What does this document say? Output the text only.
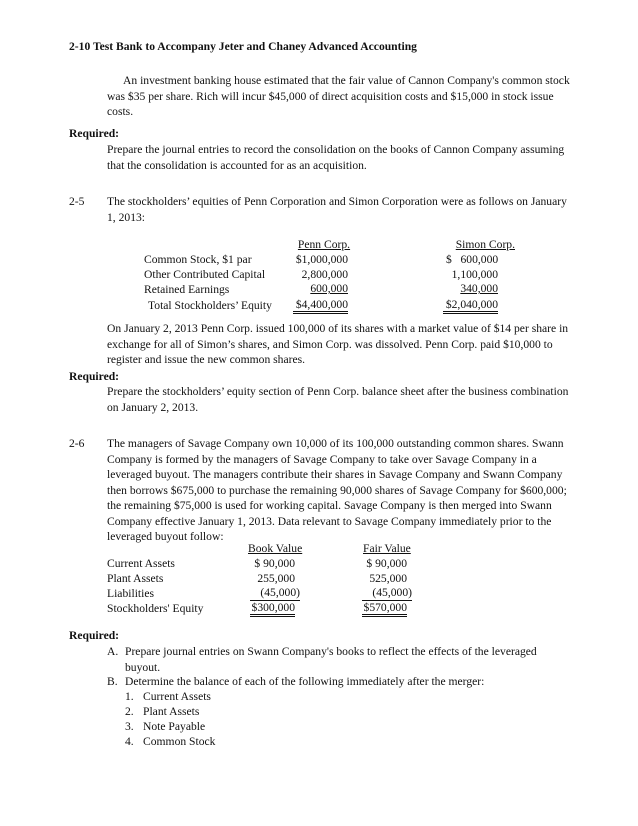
2-10 Test Bank to Accompany Jeter and Chaney Advanced Accounting
An investment banking house estimated that the fair value of Cannon Company's common stock
was $35 per share. Rich will incur $45,000 of direct acquisition costs and $15,000 in stock issue
costs.
Required:
Prepare the journal entries to record the consolidation on the books of Cannon Company assuming
that the consolidation is accounted for as an acquisition.
2-5 The stockholders’ equities of Penn Corporation and Simon Corporation were as follows on January
1, 2013:
Penn Corp.	Simon Corp.
Common Stock, $1 par	$1,000,000	$   600,000
Other Contributed Capital	2,800,000	1,100,000
Retained Earnings	600,000	340,000
Total Stockholders’ Equity $4,400,000	$2,040,000
On January 2, 2013 Penn Corp. issued 100,000 of its shares with a market value of $14 per share in
exchange for all of Simon’s shares, and Simon Corp. was dissolved. Penn Corp. paid $10,000 to
register and issue the new common shares.
Required:
Prepare the stockholders’ equity section of Penn Corp. balance sheet after the business combination
on January 2, 2013.
2-6 The managers of Savage Company own 10,000 of its 100,000 outstanding common shares. Swann
Company is formed by the managers of Savage Company to take over Savage Company in a
leveraged buyout. The managers contribute their shares in Savage Company and Swann Company
then borrows $675,000 to purchase the remaining 90,000 shares of Savage Company for $600,000;
the remaining $75,000 is used for working capital. Savage Company is then merged into Swann
Company effective January 1, 2013. Data relevant to Savage Company immediately prior to the
leveraged buyout follow:
Book Value	Fair Value
Current Assets	$ 90,000	$ 90,000
Plant Assets	255,000	525,000
Liabilities	(45,000)	(45,000)
Stockholders' Equity	$300,000	$570,000
Required:
A. Prepare journal entries on Swann Company's books to reflect the effects of the leveraged
buyout.
B. Determine the balance of each of the following immediately after the merger:
1. Current Assets
2. Plant Assets
3. Note Payable
4. Common Stock
